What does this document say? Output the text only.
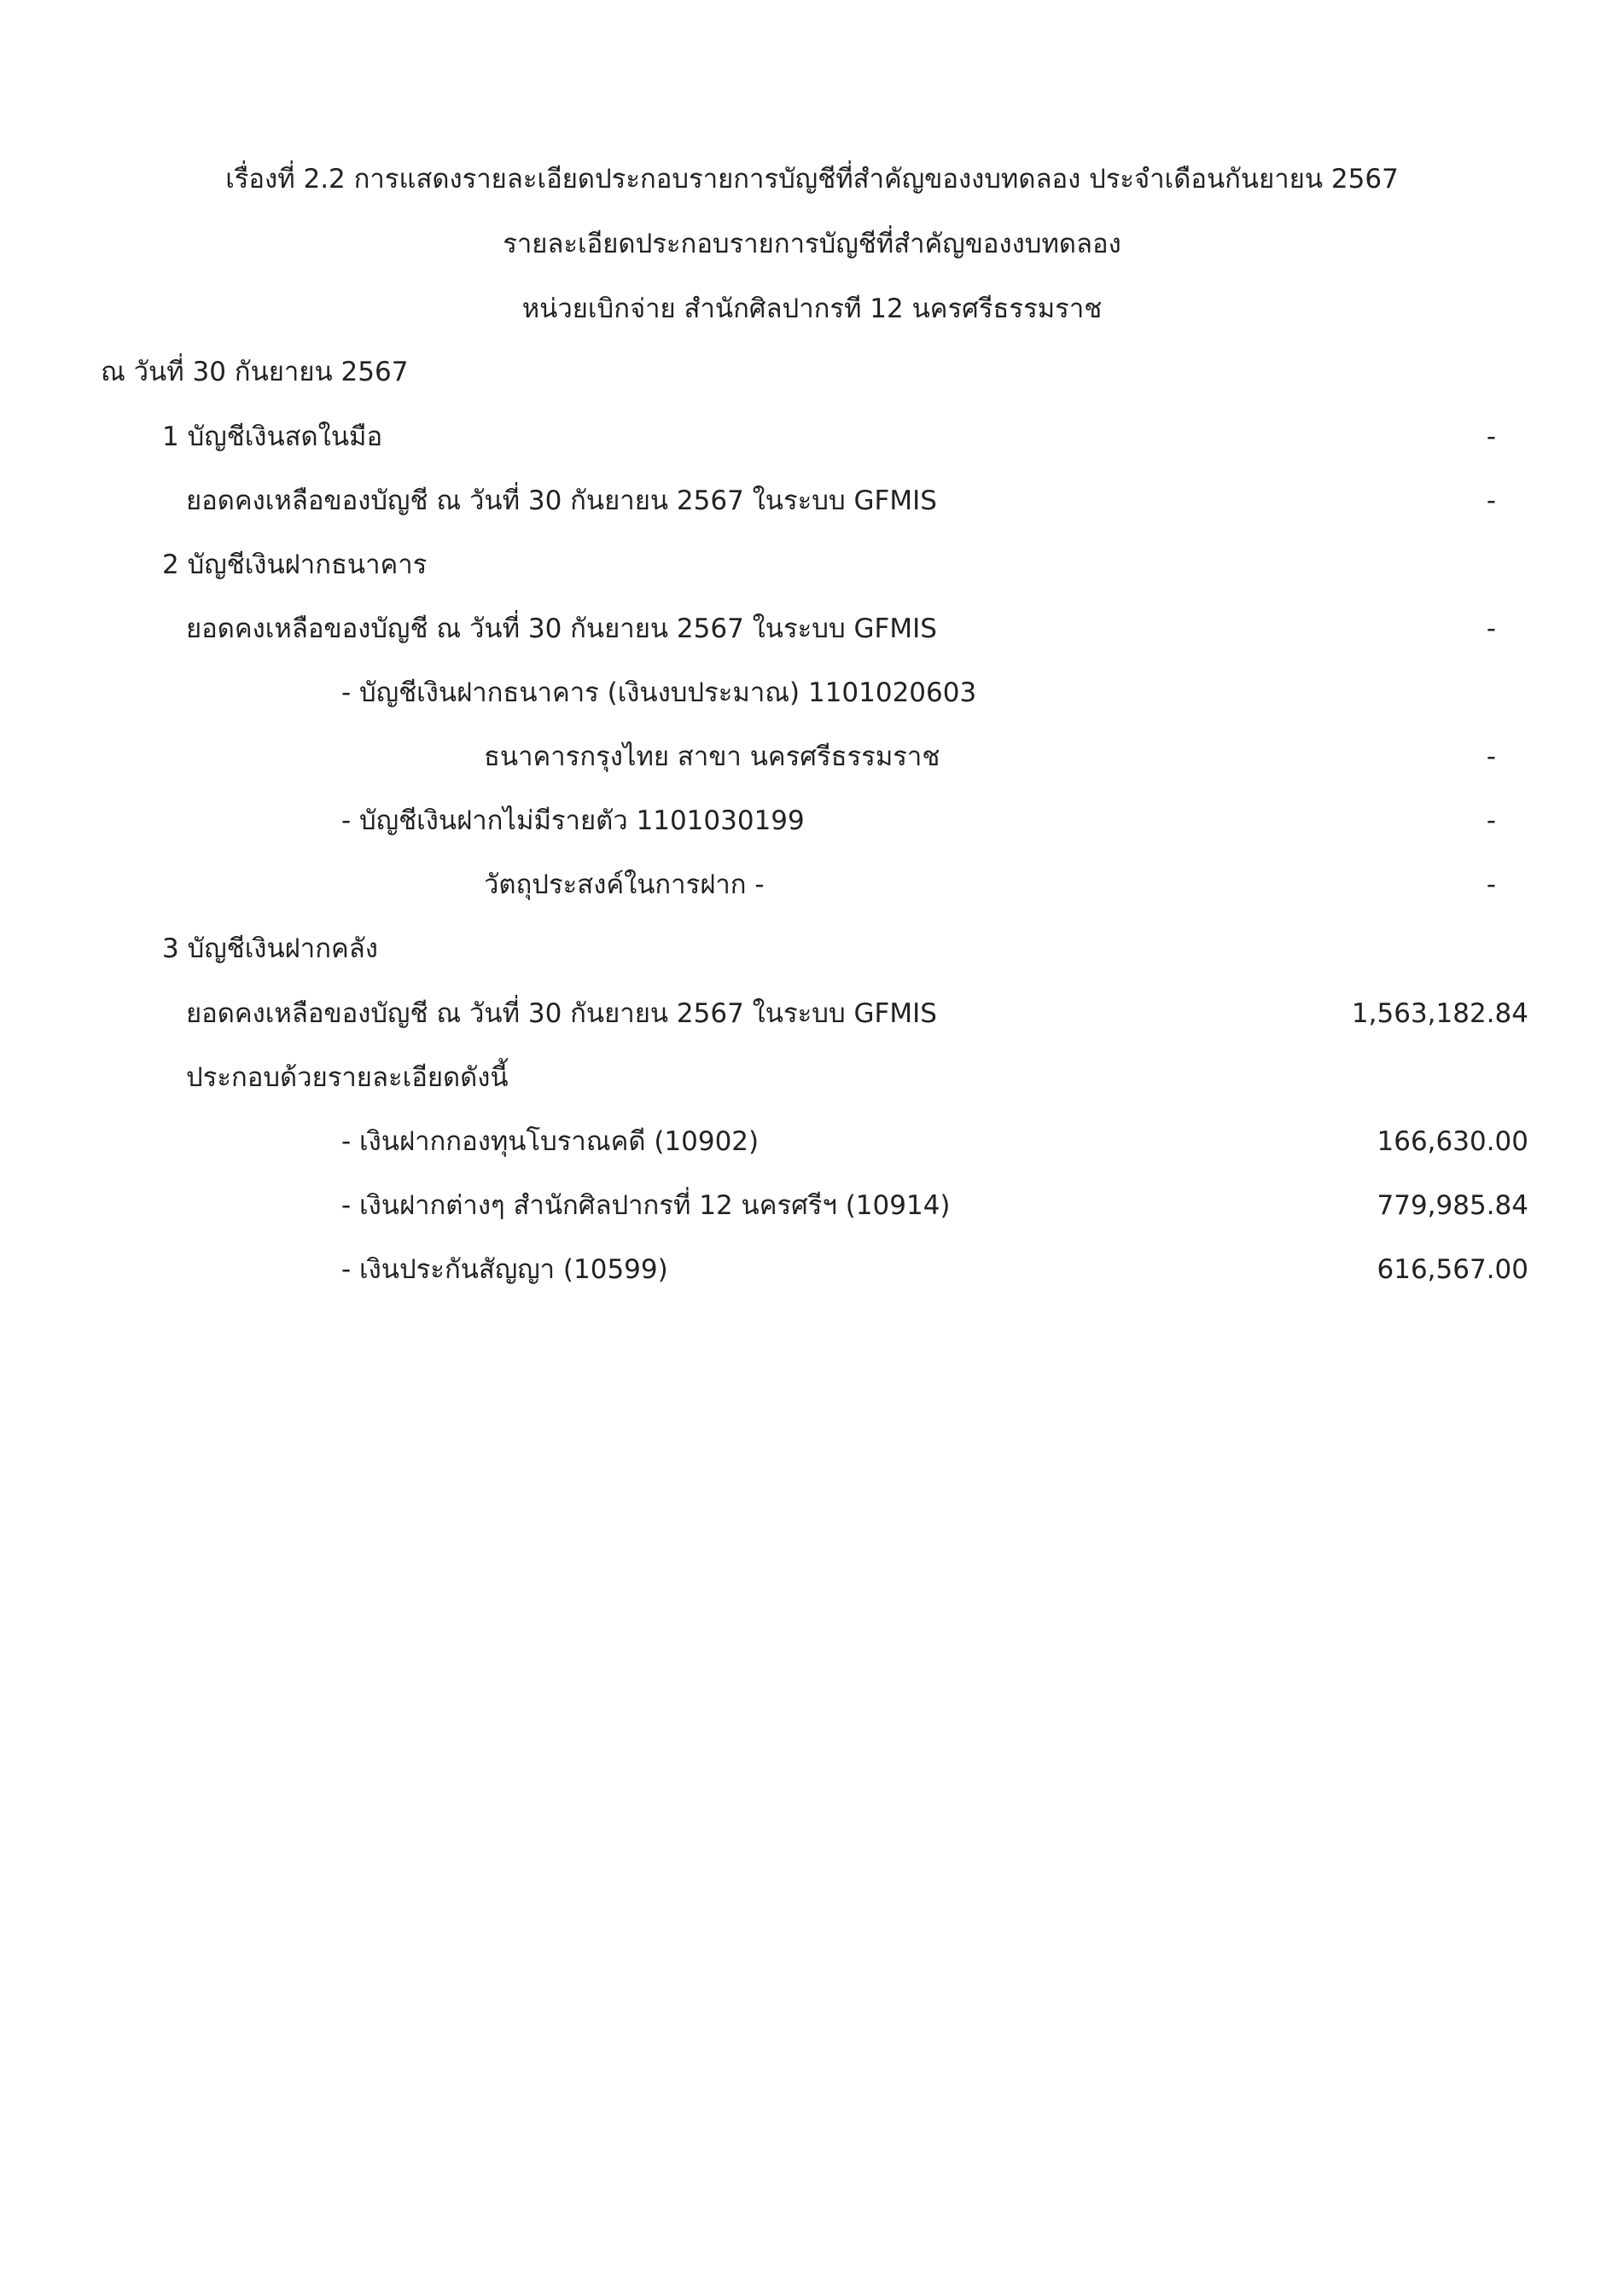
เรื่องที่ 2.2 การแสดงรายละเอียดประกอบรายการบัญชีที่สำคัญของงบทดลอง ประจำเดือนกันยายน 2567
รายละเอียดประกอบรายการบัญชีที่สำคัญของงบทดลอง
หน่วยเบิกจ่าย สำนักศิลปากรที 12 นครศรีธรรมราช
ณ วันที่ 30 กันยายน 2567
1 บัญชีเงินสดในมือ	-
ยอดคงเหลือของบัญชี ณ วันที่ 30 กันยายน 2567 ในระบบ GFMIS	-
2 บัญชีเงินฝากธนาคาร
ยอดคงเหลือของบัญชี ณ วันที่ 30 กันยายน 2567 ในระบบ GFMIS	-
- บัญชีเงินฝากธนาคาร (เงินงบประมาณ) 1101020603
ธนาคารกรุงไทย สาขา นครศรีธรรมราช	-
- บัญชีเงินฝากไม่มีรายตัว 1101030199	-
วัตถุประสงค์ในการฝาก -	-
3 บัญชีเงินฝากคลัง
ยอดคงเหลือของบัญชี ณ วันที่ 30 กันยายน 2567 ในระบบ GFMIS	1,563,182.84
ประกอบด้วยรายละเอียดดังนี้
- เงินฝากกองทุนโบราณคดี (10902)	166,630.00
- เงินฝากต่างๆ สำนักศิลปากรที่ 12 นครศรีฯ (10914)	779,985.84
- เงินประกันสัญญา (10599)	616,567.00
